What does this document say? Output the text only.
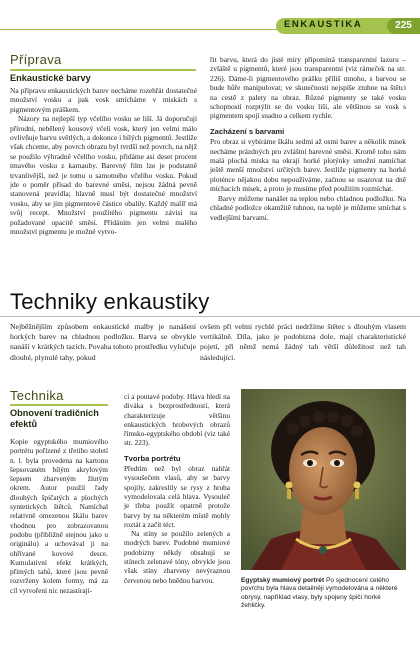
ENKAUSTIKA	225
Příprava
Enkaustické barvy

Na přípravu enkaustických barev necháme rozehřát dostatečné množství vosku a pak vosk smícháme v miskách s pigmentovým práškem.

Názory na nejlepší typ včelího vosku se liší. Já doporučuji přírodní, nebělený kousový včelí vosk, který jen velmi málo ovlivňuje barvu světlých, a dokonce i bílých pigmentů. Jestliže však chceme, aby povrch obrazu byl tvrdší než povrch, na nějž se použilo výhradně včelího vosku, přidáme asi deset procent tmavého vosku z karnauby. Barevný film lze je podstatně trvanlivější, než je tomu u samotného včelího vosku. Pokud jde o poměr přísad do barevné směsi, nejsou žádná pevně stanovená pravidla; hlavně musí být dostatečné množství vosku, aby se jím pigmentové částice obalily. Každý malíř má svůj recept. Množství použitého pigmentu závisí na požadované opacitě směsi. Přidáním jen velmi malého množství pigmentu je možné vytvo-

řit barvu, která do jisté míry připomíná transparentní lazuru – zvláště u pigmentů, které jsou transparentní (viz rámeček na str. 226). Dáme-li pigmentového prášku příliš mnoho, s barvou se bude hůře manipulovat; ve skutečnosti nejspíše ztuhne na štětci na cestě z palety na obraz. Různé pigmenty se také vosku schopností rozptýlit se do vosku liší, ale většinou se vosk s pigmentem spojí snadno a celkem rychle.

Zacházení s barvami

Pro obraz si vybíráme škálu sedmi až osmi barev a několik misek necháme prázdných pro zvláštní barevné směsi. Kromě toho nám malá plochá miska na okraji horké plotýnky umožní namíchat ještě menší množství určitých barev. Jestliže pigmenty na horké ploténce nějakou dobu nepoužíváme, začnou se usazovat na dně míchacích misek, a proto je musíme před použitím rozmíchat.

Barvy můžeme nanášet na teplou nebo chladnou podložku. Na chladné podložce okamžitě tuhnou, na teplé je můžeme smíchat s vedlejšími barvami.

Techniky enkaustiky
Nejběžnějším způsobem enkaustické malby je nanášení horkých barev na chladnou podložku. Barva se obvykle nanáší v krátkých tazích. Povaha tohoto prostředku vylučuje dlouhé, plynulé tahy, pokud
ovšem při velmi rychlé práci nedržíme štětec s dlouhým vlasem vertikálně. Díla, jako je podobizna dole, mají charakteristické pojetí, při němž nemá žádný tah větší důležitost než tah následující.
Technika
Obnovení tradičních efektů
Kopie egyptského mumiového portrétu pořízené z třetího století n. l. byla provedena na kartonu šepsovaném bílým akrylovým šepsem zbarveným žlutým okrem. Autor použil řady dlouhých špičatých a plochých syntetických štětců. Namíchal relativně omezenou škálu barev vhodnou pro zobrazovanou podobu (přibližně stejnou jako u originálu) a uchovával ji na ohřívané kovové desce. Kumulativní efekt krátkých, přímých tahů, které jsou pevně rozvrženy kolem formy, má za cíl vytvoření nic nezastírají-

cí a poutavé podoby. Hlava hledí na diváka s bezprostředností, která charakterizuje většinu enkaustických hrobových obrazů římsko-egyptského období (viz také str. 223).

Tvorba portrétu

Předtím než byl obraz nahřát vysoušečem vlasů, aby se barvy spojily, zakreslily se rysy z hruba vymodelovala celá hlava. Vysouleč je třeba použít opatrně protože barvy by na některém místě mohly roztát a začít téct.

Na stíny se použilo zelených a modrých barev. Podobné mumiové podobizny někdy obsahují se stínech zelenavé tóny, obvykle jsou však stíny zbarveny nevýraznou červenou nebo hnědou barvou.	Egyptský mumiový portrét Po sjednocení celého povrchu byla hlava detailněji vymodelována a některé obrysy, například vlasy, byly spojeny špičí horké žehličky.
